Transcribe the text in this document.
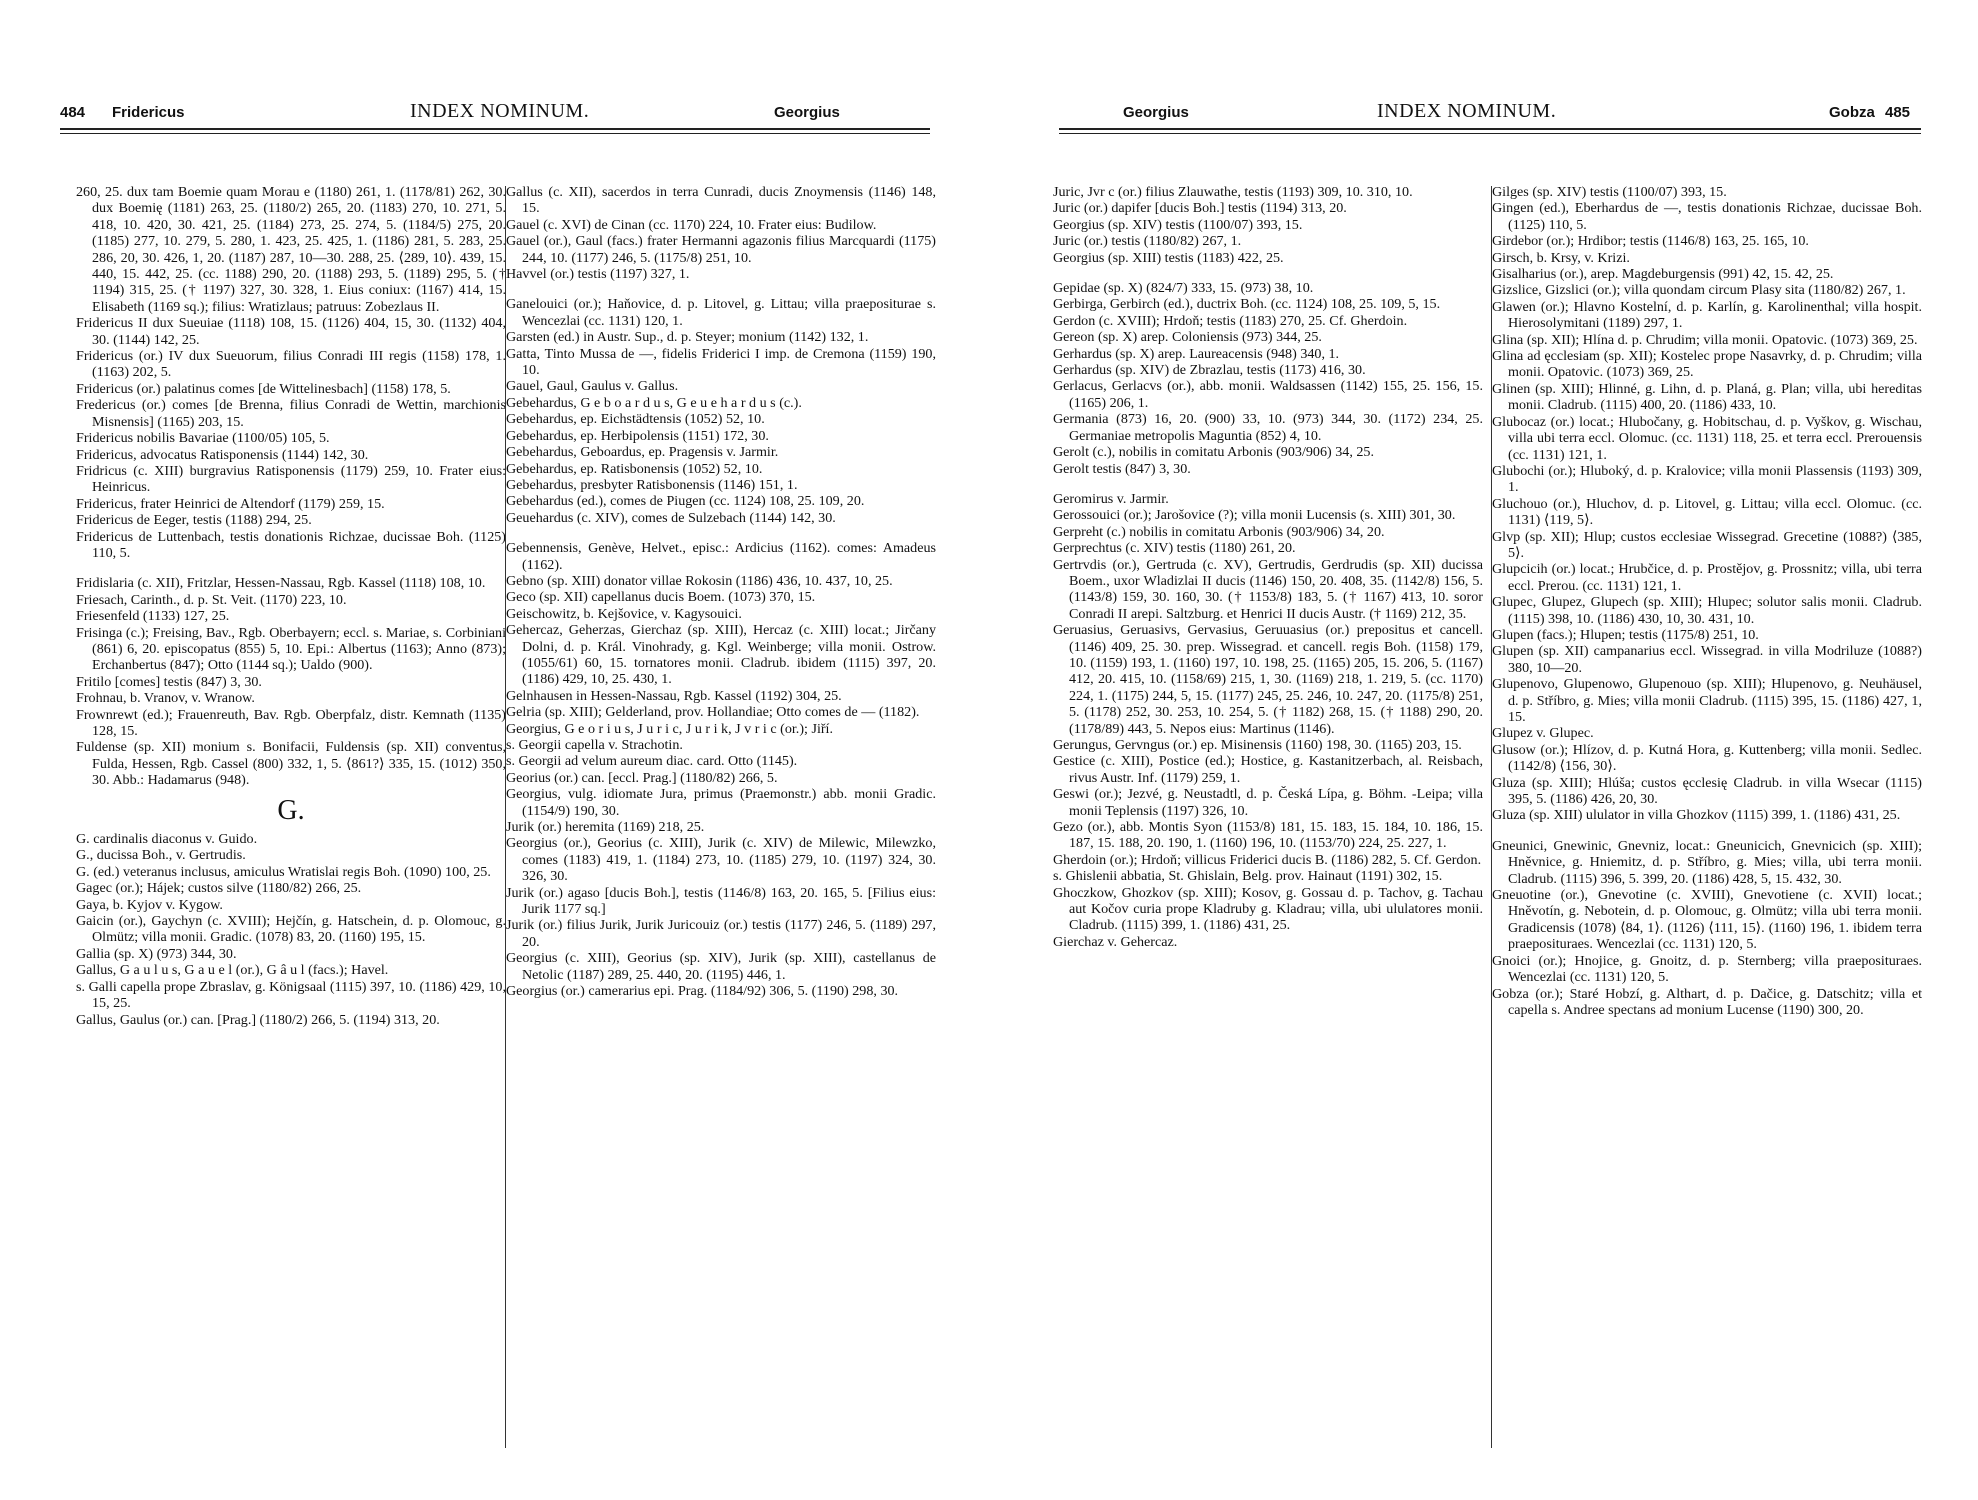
484 Fridericus	INDEX NOMINUM.	Georgius

260, 25. dux tam Boemie quam Morau e (1180) 261, 1. (1178/81) 262, 30. dux Boemię (1181) 263, 25. (1180/2) 265, 20. (1183) 270, 10. 271, 5. 418, 10. 420, 30. 421, 25. (1184) 273, 25. 274, 5. (1184/5) 275, 20. (1185) 277, 10. 279, 5. 280, 1. 423, 25. 425, 1. (1186) 281, 5. 283, 25. 286, 20, 30. 426, 1, 20. (1187) 287, 10—30. 288, 25. ⟨289, 10⟩. 439, 15. 440, 15. 442, 25. (cc. 1188) 290, 20. (1188) 293, 5. (1189) 295, 5. († 1194) 315, 25. († 1197) 327, 30. 328, 1. Eius coniux: (1167) 414, 15. Elisabeth (1169 sq.); filius: Wratizlaus; patruus: Zobezlaus II.

Fridericus II dux Sueuiae (1118) 108, 15. (1126) 404, 15, 30. (1132) 404, 30. (1144) 142, 25.

Fridericus (or.) IV dux Sueuorum, filius Conradi III regis (1158) 178, 1. (1163) 202, 5.

Fridericus (or.) palatinus comes [de Wittelinesbach] (1158) 178, 5.

Fredericus (or.) comes [de Brenna, filius Conradi de Wettin, marchionis Misnensis] (1165) 203, 15.

Fridericus nobilis Bavariae (1100/05) 105, 5.

Fridericus, advocatus Ratisponensis (1144) 142, 30.

Fridricus (c. XIII) burgravius Ratisponensis (1179) 259, 10. Frater eius: Heinricus.

Fridericus, frater Heinrici de Altendorf (1179) 259, 15.

Fridericus de Eeger, testis (1188) 294, 25.

Fridericus de Luttenbach, testis donationis Richzae, ducissae Boh. (1125) 110, 5.

Fridislaria (c. XII), Fritzlar, Hessen-Nassau, Rgb. Kassel (1118) 108, 10.

Friesach, Carinth., d. p. St. Veit. (1170) 223, 10.

Friesenfeld (1133) 127, 25.

Frisinga (c.); Freising, Bav., Rgb. Oberbayern; eccl. s. Mariae, s. Corbiniani (861) 6, 20. episcopatus (855) 5, 10. Epi.: Albertus (1163); Anno (873); Erchanbertus (847); Otto (1144 sq.); Ualdo (900).

Fritilo [comes] testis (847) 3, 30.

Frohnau, b. Vranov, v. Wranow.

Frownrewt (ed.); Frauenreuth, Bav. Rgb. Oberpfalz, distr. Kemnath (1135) 128, 15.

Fuldense (sp. XII) monium s. Bonifacii, Fuldensis (sp. XII) conventus, Fulda, Hessen, Rgb. Cassel (800) 332, 1, 5. ⟨861?⟩ 335, 15. (1012) 350, 30. Abb.: Hadamarus (948).

G.

G. cardinalis diaconus v. Guido.

G., ducissa Boh., v. Gertrudis.

G. (ed.) veteranus inclusus, amiculus Wratislai regis Boh. (1090) 100, 25.

Gagec (or.); Hájek; custos silve (1180/82) 266, 25.

Gaya, b. Kyjov v. Kygow.

Gaicin (or.), Gaychyn (c. XVIII); Hejčín, g. Hatschein, d. p. Olomouc, g. Olmütz; villa monii. Gradic. (1078) 83, 20. (1160) 195, 15.

Gallia (sp. X) (973) 344, 30.

Gallus, G a u l u s, G a u e l (or.), G â u l (facs.); Havel.

s. Galli capella prope Zbraslav, g. Königsaal (1115) 397, 10. (1186) 429, 10, 15, 25.

Gallus, Gaulus (or.) can. [Prag.] (1180/2) 266, 5. (1194) 313, 20.

Gallus (c. XII), sacerdos in terra Cunradi, ducis Znoymensis (1146) 148, 15.

Gauel (c. XVI) de Cinan (cc. 1170) 224, 10. Frater eius: Budilow.

Gauel (or.), Gaul (facs.) frater Hermanni agazonis filius Marcquardi (1175) 244, 10. (1177) 246, 5. (1175/8) 251, 10.

Havvel (or.) testis (1197) 327, 1.

Ganelouici (or.); Haňovice, d. p. Litovel, g. Littau; villa praepositurae s. Wencezlai (cc. 1131) 120, 1.

Garsten (ed.) in Austr. Sup., d. p. Steyer; monium (1142) 132, 1.

Gatta, Tinto Mussa de —, fidelis Friderici I imp. de Cremona (1159) 190, 10.

Gauel, Gaul, Gaulus v. Gallus.

Gebehardus, G e b o a r d u s, G e u e h a r d u s (c.).

Gebehardus, ep. Eichstädtensis (1052) 52, 10.

Gebehardus, ep. Herbipolensis (1151) 172, 30.

Gebehardus, Geboardus, ep. Pragensis v. Jarmir.

Gebehardus, ep. Ratisbonensis (1052) 52, 10.

Gebehardus, presbyter Ratisbonensis (1146) 151, 1.

Gebehardus (ed.), comes de Piugen (cc. 1124) 108, 25. 109, 20.

Geuehardus (c. XIV), comes de Sulzebach (1144) 142, 30.

Gebennensis, Genève, Helvet., episc.: Ardicius (1162). comes: Amadeus (1162).

Gebno (sp. XIII) donator villae Rokosin (1186) 436, 10. 437, 10, 25.

Geco (sp. XII) capellanus ducis Boem. (1073) 370, 15.

Geischowitz, b. Kejšovice, v. Kagysouici.

Gehercaz, Geherzas, Gierchaz (sp. XIII), Hercaz (c. XIII) locat.; Jirčany Dolni, d. p. Král. Vinohrady, g. Kgl. Weinberge; villa monii. Ostrow. (1055/61) 60, 15. tornatores monii. Cladrub. ibidem (1115) 397, 20. (1186) 429, 10, 25. 430, 1.

Gelnhausen in Hessen-Nassau, Rgb. Kassel (1192) 304, 25.

Gelria (sp. XIII); Gelderland, prov. Hollandiae; Otto comes de — (1182).

Georgius, G e o r i u s, J u r i c, J u r i k, J v r i c (or.); Jiří.

s. Georgii capella v. Strachotin.

s. Georgii ad velum aureum diac. card. Otto (1145).

Georius (or.) can. [eccl. Prag.] (1180/82) 266, 5.

Georgius, vulg. idiomate Jura, primus (Praemonstr.) abb. monii Gradic. (1154/9) 190, 30.

Jurik (or.) heremita (1169) 218, 25.

Georgius (or.), Georius (c. XIII), Jurik (c. XIV) de Milewic, Milewzko, comes (1183) 419, 1. (1184) 273, 10. (1185) 279, 10. (1197) 324, 30. 326, 30.

Jurik (or.) agaso [ducis Boh.], testis (1146/8) 163, 20. 165, 5. [Filius eius: Jurik 1177 sq.]

Jurik (or.) filius Jurik, Jurik Juricouiz (or.) testis (1177) 246, 5. (1189) 297, 20.

Georgius (c. XIII), Georius (sp. XIV), Jurik (sp. XIII), castellanus de Netolic (1187) 289, 25. 440, 20. (1195) 446, 1.

Georgius (or.) camerarius epi. Prag. (1184/92) 306, 5. (1190) 298, 30.

Georgius	INDEX NOMINUM.	Gobza 485

Juric, Jvr c (or.) filius Zlauwathe, testis (1193) 309, 10. 310, 10.

Juric (or.) dapifer [ducis Boh.] testis (1194) 313, 20.

Georgius (sp. XIV) testis (1100/07) 393, 15.

Juric (or.) testis (1180/82) 267, 1.

Georgius (sp. XIII) testis (1183) 422, 25.

Gepidae (sp. X) (824/7) 333, 15. (973) 38, 10.

Gerbirga, Gerbirch (ed.), ductrix Boh. (cc. 1124) 108, 25. 109, 5, 15.

Gerdon (c. XVIII); Hrdoň; testis (1183) 270, 25. Cf. Gherdoin.

Gereon (sp. X) arep. Coloniensis (973) 344, 25.

Gerhardus (sp. X) arep. Laureacensis (948) 340, 1.

Gerhardus (sp. XIV) de Zbrazlau, testis (1173) 416, 30.

Gerlacus, Gerlacvs (or.), abb. monii. Waldsassen (1142) 155, 25. 156, 15. (1165) 206, 1.

Germania (873) 16, 20. (900) 33, 10. (973) 344, 30. (1172) 234, 25. Germaniae metropolis Maguntia (852) 4, 10.

Gerolt (c.), nobilis in comitatu Arbonis (903/906) 34, 25.

Gerolt testis (847) 3, 30.

Geromirus v. Jarmir.

Gerossouici (or.); Jarošovice (?); villa monii Lucensis (s. XIII) 301, 30.

Gerpreht (c.) nobilis in comitatu Arbonis (903/906) 34, 20.

Gerprechtus (c. XIV) testis (1180) 261, 20.

Gertrvdis (or.), Gertruda (c. XV), Gertrudis, Gerdrudis (sp. XII) ducissa Boem., uxor Wladizlai II ducis (1146) 150, 20. 408, 35. (1142/8) 156, 5. (1143/8) 159, 30. 160, 30. († 1153/8) 183, 5. († 1167) 413, 10. soror Conradi II arepi. Saltzburg. et Henrici II ducis Austr. († 1169) 212, 35.

Geruasius, Geruasivs, Gervasius, Geruuasius (or.) prepositus et cancell. (1146) 409, 25. 30. prep. Wissegrad. et cancell. regis Boh. (1158) 179, 10. (1159) 193, 1. (1160) 197, 10. 198, 25. (1165) 205, 15. 206, 5. (1167) 412, 20. 415, 10. (1158/69) 215, 1, 30. (1169) 218, 1. 219, 5. (cc. 1170) 224, 1. (1175) 244, 5, 15. (1177) 245, 25. 246, 10. 247, 20. (1175/8) 251, 5. (1178) 252, 30. 253, 10. 254, 5. († 1182) 268, 15. († 1188) 290, 20. (1178/89) 443, 5. Nepos eius: Martinus (1146).

Gerungus, Gervngus (or.) ep. Misinensis (1160) 198, 30. (1165) 203, 15.

Gestice (c. XIII), Postice (ed.); Hostice, g. Kastanitzerbach, al. Reisbach, rivus Austr. Inf. (1179) 259, 1.

Geswi (or.); Jezvé, g. Neustadtl, d. p. Česká Lípa, g. Böhm. -Leipa; villa monii Teplensis (1197) 326, 10.

Gezo (or.), abb. Montis Syon (1153/8) 181, 15. 183, 15. 184, 10. 186, 15. 187, 15. 188, 20. 190, 1. (1160) 196, 10. (1153/70) 224, 25. 227, 1.

Gherdoin (or.); Hrdoň; villicus Friderici ducis B. (1186) 282, 5. Cf. Gerdon.

s. Ghislenii abbatia, St. Ghislain, Belg. prov. Hainaut (1191) 302, 15.

Ghoczkow, Ghozkov (sp. XIII); Kosov, g. Gossau d. p. Tachov, g. Tachau aut Kočov curia prope Kladruby g. Kladrau; villa, ubi ululatores monii. Cladrub. (1115) 399, 1. (1186) 431, 25.

Gierchaz v. Gehercaz.

Gilges (sp. XIV) testis (1100/07) 393, 15.

Gingen (ed.), Eberhardus de —, testis donationis Richzae, ducissae Boh. (1125) 110, 5.

Girdebor (or.); Hrdibor; testis (1146/8) 163, 25. 165, 10.

Girsch, b. Krsy, v. Krizi.

Gisalharius (or.), arep. Magdeburgensis (991) 42, 15. 42, 25.

Gizslice, Gizslici (or.); villa quondam circum Plasy sita (1180/82) 267, 1.

Glawen (or.); Hlavno Kostelní, d. p. Karlín, g. Karolinenthal; villa hospit. Hierosolymitani (1189) 297, 1.

Glina (sp. XII); Hlína d. p. Chrudim; villa monii. Opatovic. (1073) 369, 25.

Glina ad ęcclesiam (sp. XII); Kostelec prope Nasavrky, d. p. Chrudim; villa monii. Opatovic. (1073) 369, 25.

Glinen (sp. XIII); Hlinné, g. Lihn, d. p. Planá, g. Plan; villa, ubi hereditas monii. Cladrub. (1115) 400, 20. (1186) 433, 10.

Glubocaz (or.) locat.; Hlubočany, g. Hobitschau, d. p. Vyškov, g. Wischau, villa ubi terra eccl. Olomuc. (cc. 1131) 118, 25. et terra eccl. Prerouensis (cc. 1131) 121, 1.

Glubochi (or.); Hluboký, d. p. Kralovice; villa monii Plassensis (1193) 309, 1.

Gluchouo (or.), Hluchov, d. p. Litovel, g. Littau; villa eccl. Olomuc. (cc. 1131) ⟨119, 5⟩.

Glvp (sp. XII); Hlup; custos ecclesiae Wissegrad. Grecetine (1088?) ⟨385, 5⟩.

Glupcicih (or.) locat.; Hrubčice, d. p. Prostějov, g. Prossnitz; villa, ubi terra eccl. Prerou. (cc. 1131) 121, 1.

Glupec, Glupez, Glupech (sp. XIII); Hlupec; solutor salis monii. Cladrub. (1115) 398, 10. (1186) 430, 10, 30. 431, 10.

Glupen (facs.); Hlupen; testis (1175/8) 251, 10.

Glupen (sp. XII) campanarius eccl. Wissegrad. in villa Modriluze (1088?) 380, 10—20.

Glupenovo, Glupenowo, Glupenouo (sp. XIII); Hlupenovo, g. Neuhäusel, d. p. Stříbro, g. Mies; villa monii Cladrub. (1115) 395, 15. (1186) 427, 1, 15.

Glupez v. Glupec.

Glusow (or.); Hlízov, d. p. Kutná Hora, g. Kuttenberg; villa monii. Sedlec. (1142/8) ⟨156, 30⟩.

Gluza (sp. XIII); Hlúša; custos ęcclesię Cladrub. in villa Wsecar (1115) 395, 5. (1186) 426, 20, 30.

Gluza (sp. XIII) ululator in villa Ghozkov (1115) 399, 1. (1186) 431, 25.

Gneunici, Gnewinic, Gnevniz, locat.: Gneunicich, Gnevnicich (sp. XIII); Hněvnice, g. Hniemitz, d. p. Stříbro, g. Mies; villa, ubi terra monii. Cladrub. (1115) 396, 5. 399, 20. (1186) 428, 5, 15. 432, 30.

Gneuotine (or.), Gnevotine (c. XVIII), Gnevotiene (c. XVII) locat.; Hněvotín, g. Nebotein, d. p. Olomouc, g. Olmütz; villa ubi terra monii. Gradicensis (1078) ⟨84, 1⟩. (1126) ⟨111, 15⟩. (1160) 196, 1. ibidem terra praeposituraes. Wencezlai (cc. 1131) 120, 5.

Gnoici (or.); Hnojice, g. Gnoitz, d. p. Sternberg; villa praeposituraes. Wencezlai (cc. 1131) 120, 5.

Gobza (or.); Staré Hobzí, g. Althart, d. p. Dačice, g. Datschitz; villa et capella s. Andree spectans ad monium Lucense (1190) 300, 20.
